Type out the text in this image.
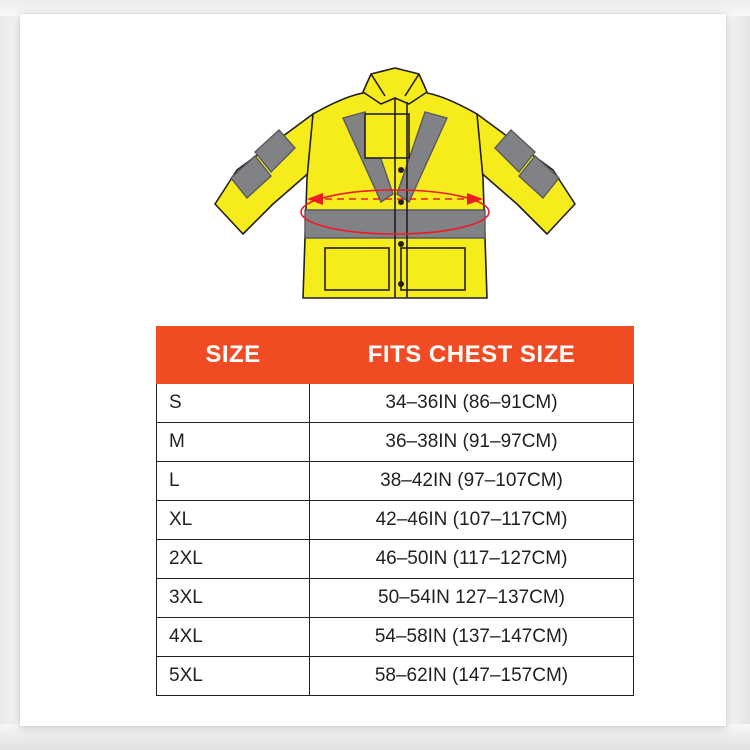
SIZE	FITS CHEST SIZE
S	34–36IN (86–91CM)
M	36–38IN (91–97CM)
L	38–42IN (97–107CM)
XL	42–46IN (107–117CM)
2XL	46–50IN (117–127CM)
3XL	50–54IN 127–137CM)
4XL	54–58IN (137–147CM)
5XL	58–62IN (147–157CM)
